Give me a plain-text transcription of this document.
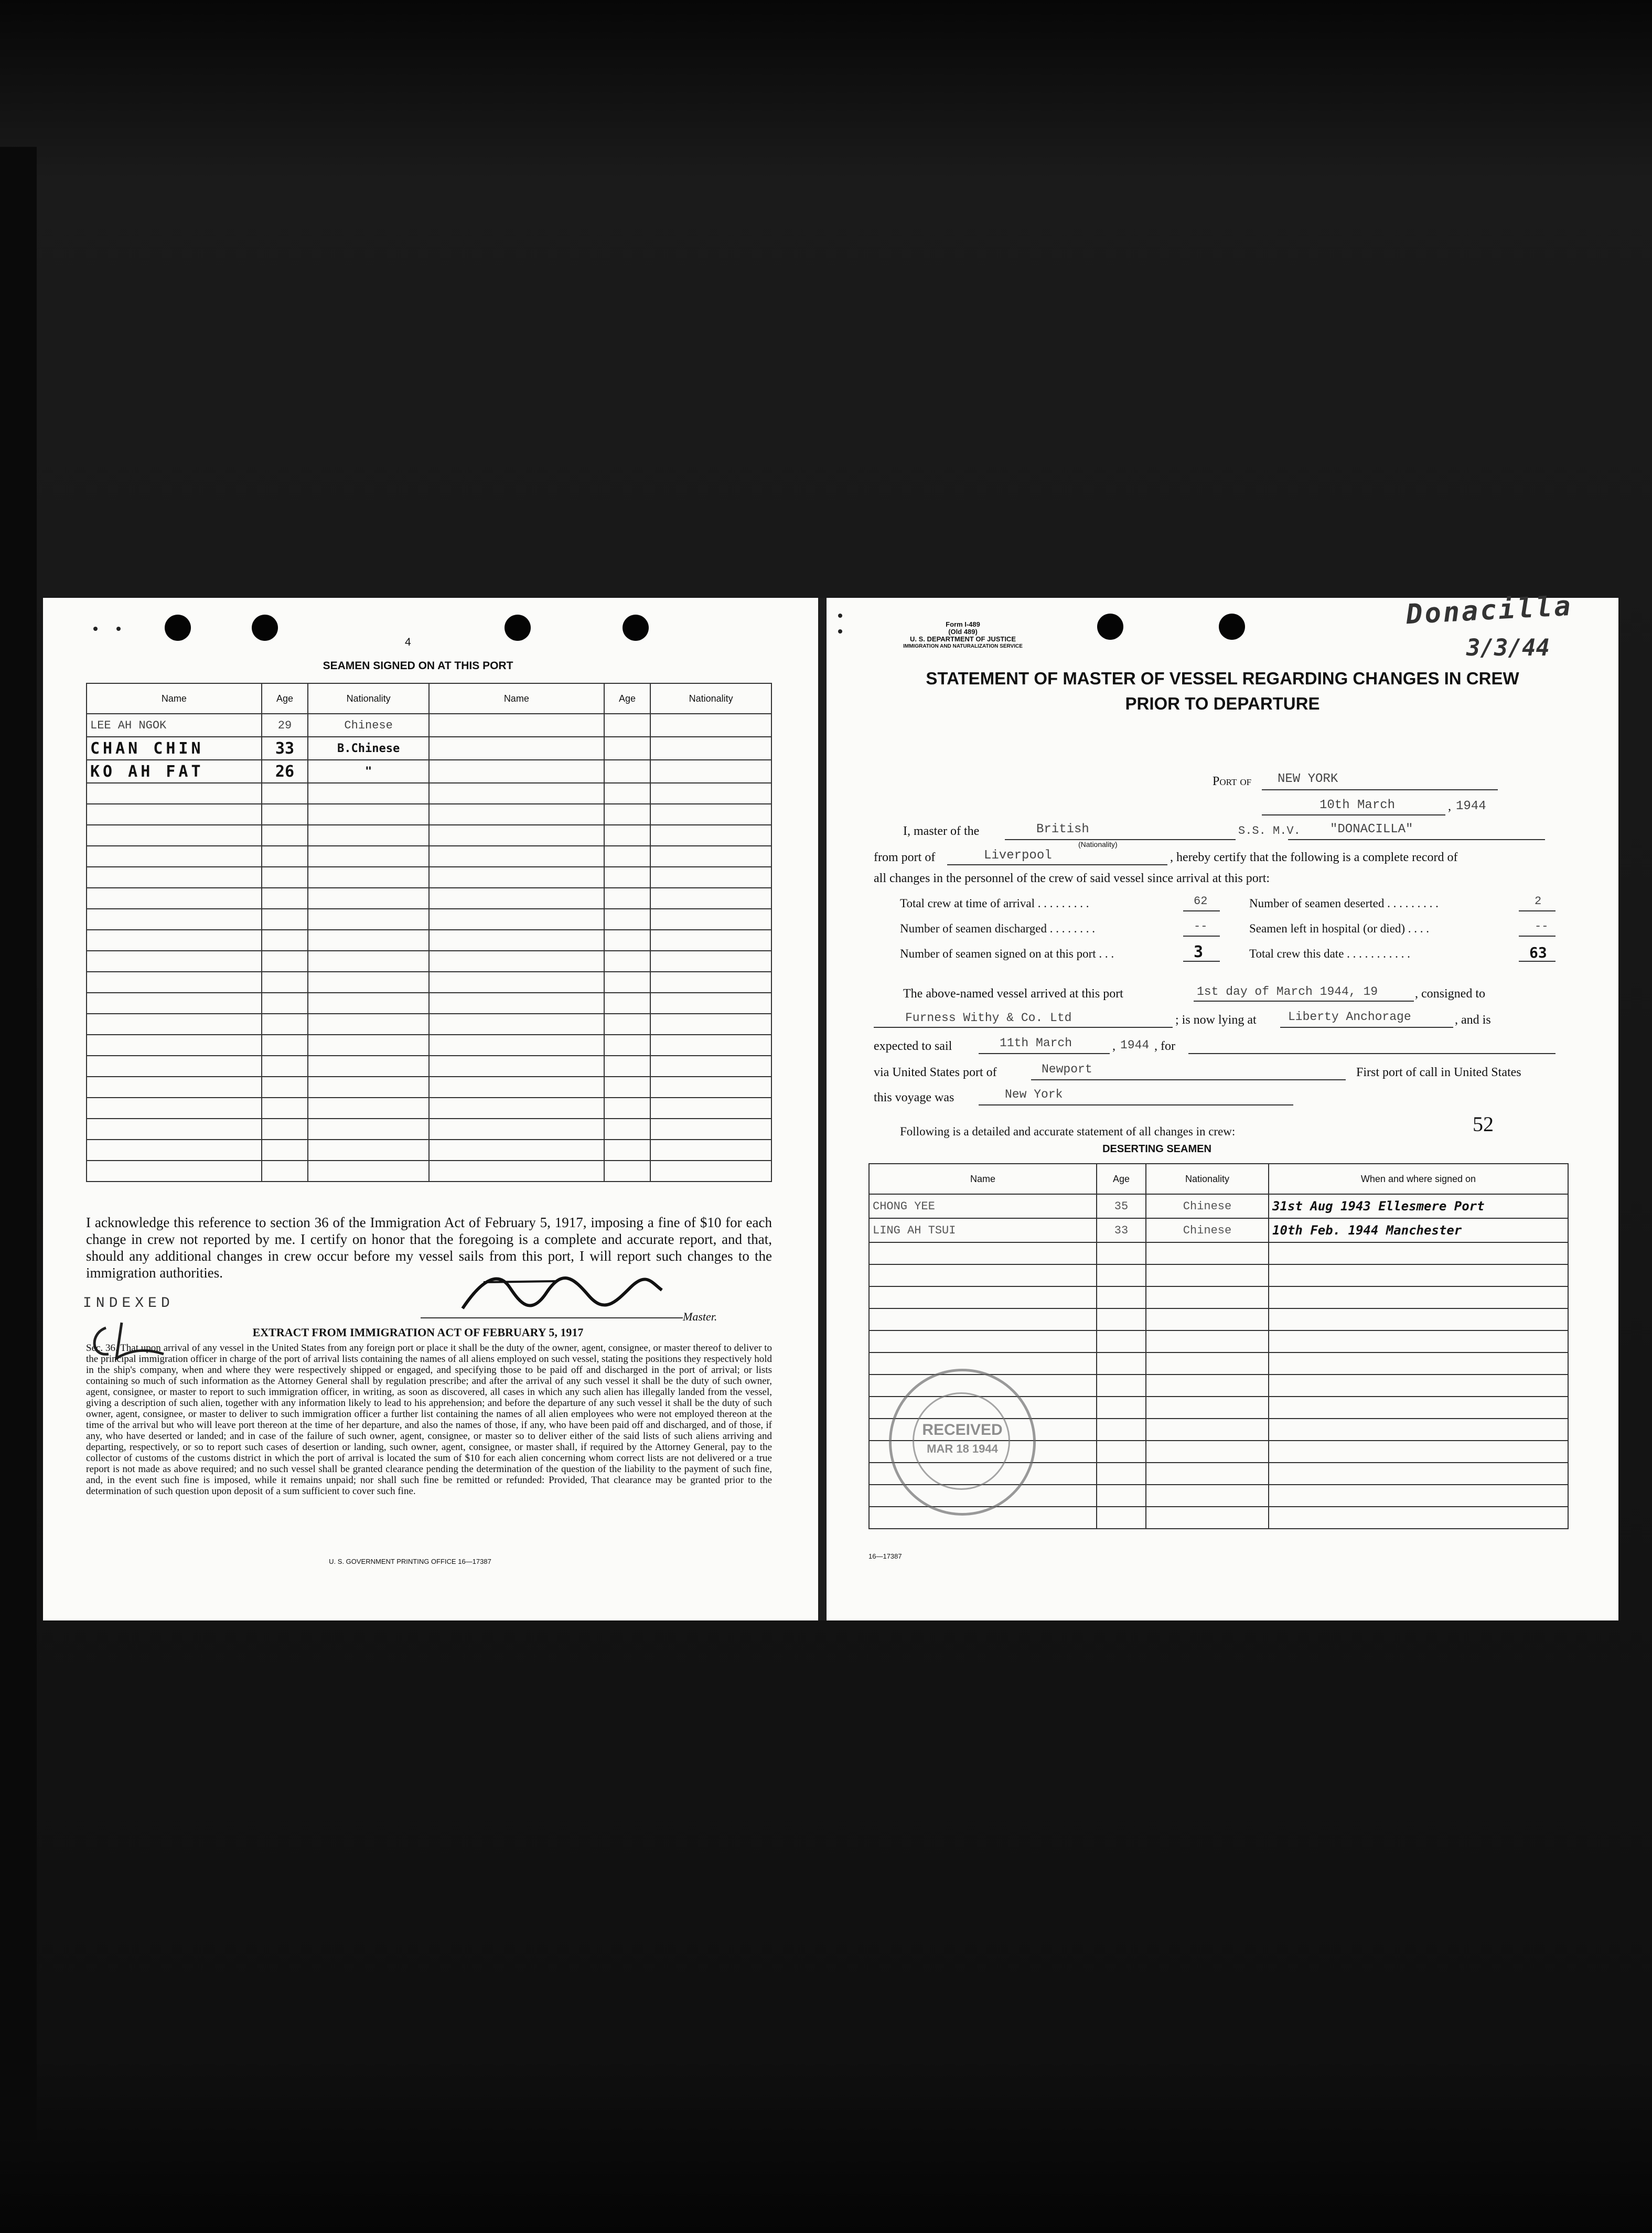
4
SEAMEN SIGNED ON AT THIS PORT
Name	Age	Nationality	Name	Age	Nationality
LEE AH NGOK	29	Chinese			
CHAN CHIN	33	B.Chinese			
KO AH FAT	26	"			

I acknowledge this reference to section 36 of the Immigration Act of February 5, 1917, imposing a fine of $10 for each change in crew not reported by me. I certify on honor that the foregoing is a complete and accurate report, and that, should any additional changes in crew occur before my vessel sails from this port, I will report such changes to the immigration authorities.
Master.
INDEXED
EXTRACT FROM IMMIGRATION ACT OF FEBRUARY 5, 1917
Sec. 36. That upon arrival of any vessel in the United States from any foreign port or place it shall be the duty of the owner, agent, consignee, or master thereof to deliver to the principal immigration officer in charge of the port of arrival lists containing the names of all aliens employed on such vessel, stating the positions they respectively hold in the ship's company, when and where they were respectively shipped or engaged, and specifying those to be paid off and discharged in the port of arrival; or lists containing so much of such information as the Attorney General shall by regulation prescribe; and after the arrival of any such vessel it shall be the duty of such owner, agent, consignee, or master to report to such immigration officer, in writing, as soon as discovered, all cases in which any such alien has illegally landed from the vessel, giving a description of such alien, together with any information likely to lead to his apprehension; and before the departure of any such vessel it shall be the duty of such owner, agent, consignee, or master to deliver to such immigration officer a further list containing the names of all alien employees who were not employed thereon at the time of the arrival but who will leave port thereon at the time of her departure, and also the names of those, if any, who have been paid off and discharged, and of those, if any, who have deserted or landed; and in case of the failure of such owner, agent, consignee, or master so to deliver either of the said lists of such aliens arriving and departing, respectively, or so to report such cases of desertion or landing, such owner, agent, consignee, or master shall, if required by the Attorney General, pay to the collector of customs of the customs district in which the port of arrival is located the sum of $10 for each alien concerning whom correct lists are not delivered or a true report is not made as above required; and no such vessel shall be granted clearance pending the determination of the question of the liability to the payment of such fine, and, in the event such fine is imposed, while it remains unpaid; nor shall such fine be remitted or refunded: Provided, That clearance may be granted prior to the determination of such question upon deposit of a sum sufficient to cover such fine.
U. S. GOVERNMENT PRINTING OFFICE 16—17387
Form I-489
(Old 489)
U. S. DEPARTMENT OF JUSTICE
IMMIGRATION AND NATURALIZATION SERVICE
Donacilla
3/3/44
STATEMENT OF MASTER OF VESSEL REGARDING CHANGES IN CREW
PRIOR TO DEPARTURE
Port of NEW YORK
10th March	, 1944
I, master of the	British
(Nationality)
S.S. M.V. "DONACILLA"
from port of	Liverpool	, hereby certify that the following is a complete record of
all changes in the personnel of the crew of said vessel since arrival at this port:
Total crew at time of arrival . . . . . . . . .	62	Number of seamen deserted . . . . . . . . .	2
Number of seamen discharged . . . . . . . .	--	Seamen left in hospital (or died) . . . .	--
Number of seamen signed on at this port . . .	3	Total crew this date . . . . . . . . . . .	63
The above-named vessel arrived at this port	1st day of March 1944, 19	, consigned to
Furness Withy & Co. Ltd	; is now lying at	Liberty Anchorage	, and is
expected to sail	11th March	, 1944 , for
via United States port of	Newport	First port of call in United States
this voyage was	New York
Following is a detailed and accurate statement of all changes in crew:	52
DESERTING SEAMEN
Name	Age	Nationality	When and where signed on
CHONG YEE	35	Chinese	31st Aug 1943 Ellesmere Port
LING AH TSUI	33	Chinese	10th Feb. 1944 Manchester

16—17387
RECEIVED
MAR 18 1944
